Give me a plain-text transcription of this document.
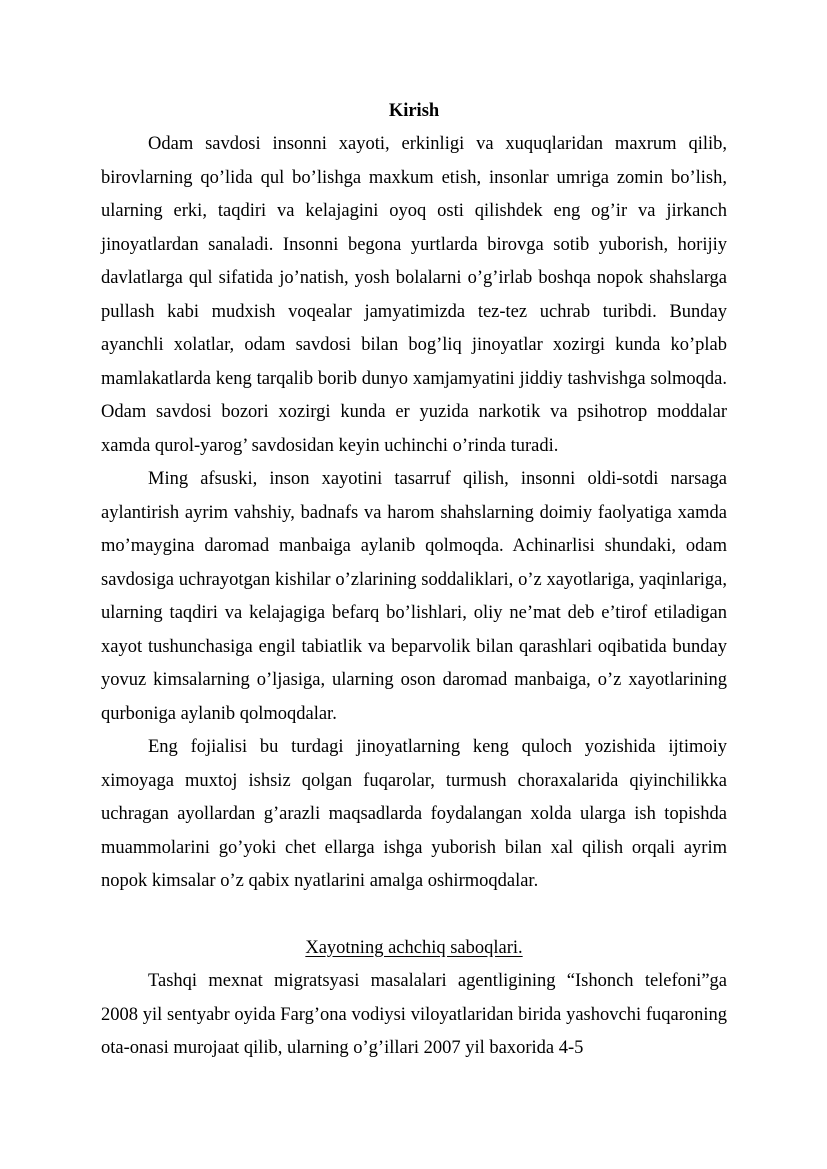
Kirish

Odam savdosi insonni xayoti, erkinligi va xuquqlaridan maxrum qilib, birovlarning qo’lida qul bo’lishga maxkum etish, insonlar umriga zomin bo’lish, ularning erki, taqdiri va kelajagini oyoq osti qilishdek eng og’ir va jirkanch jinoyatlardan sanaladi. Insonni begona yurtlarda birovga sotib yuborish, horijiy davlatlarga qul sifatida jo’natish, yosh bolalarni o’g’irlab boshqa nopok shahslarga pullash kabi mudxish voqealar jamyatimizda tez-tez uchrab turibdi. Bunday ayanchli xolatlar, odam savdosi bilan bog’liq jinoyatlar xozirgi kunda ko’plab mamlakatlarda keng tarqalib borib dunyo xamjamyatini jiddiy tashvishga solmoqda. Odam savdosi bozori xozirgi kunda er yuzida narkotik va psihotrop moddalar xamda qurol-yarog’ savdosidan keyin uchinchi o’rinda turadi.

Ming afsuski, inson xayotini tasarruf qilish, insonni oldi-sotdi narsaga aylantirish ayrim vahshiy, badnafs va harom shahslarning doimiy faolyatiga xamda mo’maygina daromad manbaiga aylanib qolmoqda. Achinarlisi shundaki, odam savdosiga uchrayotgan kishilar o’zlarining soddaliklari, o’z xayotlariga, yaqinlariga, ularning taqdiri va kelajagiga befarq bo’lishlari, oliy ne’mat deb e’tirof etiladigan xayot tushunchasiga engil tabiatlik va beparvolik bilan qarashlari oqibatida bunday yovuz kimsalarning o’ljasiga, ularning oson daromad manbaiga, o’z xayotlarining qurboniga aylanib qolmoqdalar.

Eng fojialisi bu turdagi jinoyatlarning keng quloch yozishida ijtimoiy ximoyaga muxtoj ishsiz qolgan fuqarolar, turmush choraxalarida qiyinchilikka uchragan ayollardan g’arazli maqsadlarda foydalangan xolda ularga ish topishda muammolarini go’yoki chet ellarga ishga yuborish bilan xal qilish orqali ayrim nopok kimsalar o’z qabix nyatlarini amalga oshirmoqdalar.

Xayotning achchiq saboqlari.

Tashqi mexnat migratsyasi masalalari agentligining “Ishonch telefoni”ga 2008 yil sentyabr oyida Farg’ona vodiysi viloyatlaridan birida yashovchi fuqaroning ota-onasi murojaat qilib, ularning o’g’illari 2007 yil baxorida 4-5
